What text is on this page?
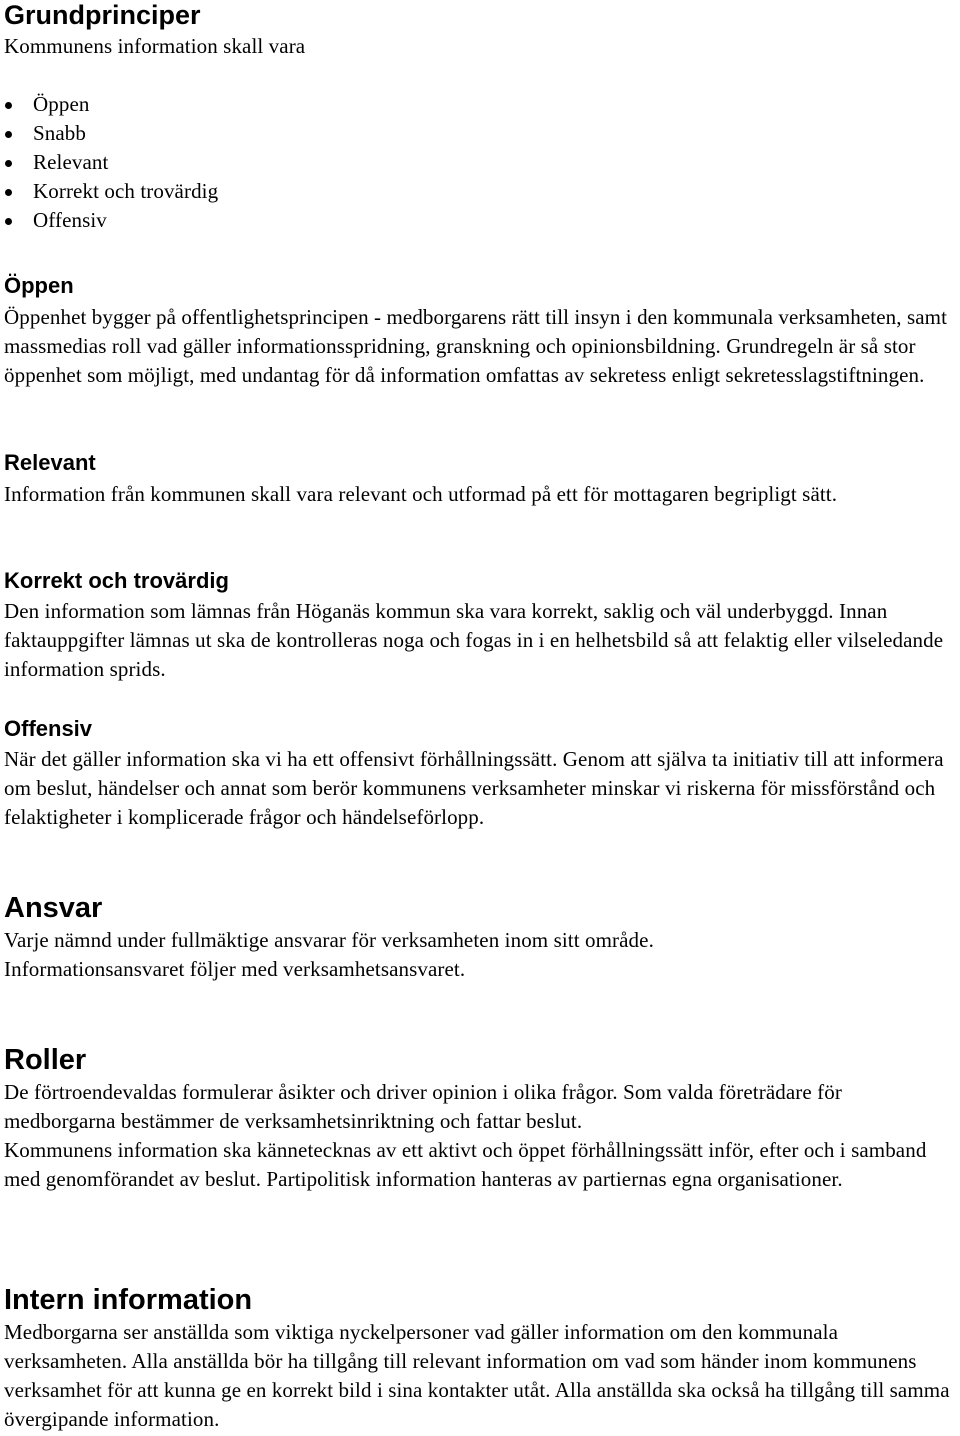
Grundprinciper

Kommunens information skall vara

Öppen
Snabb
Relevant
Korrekt och trovärdig
Offensiv
Öppen

Öppenhet bygger på offentlighetsprincipen - medborgarens rätt till insyn i den kommunala verksamheten, samt massmedias roll vad gäller informationsspridning, granskning och opinionsbildning. Grundregeln är så stor öppenhet som möjligt, med undantag för då information omfattas av sekretess enligt sekretesslagstiftningen.

Relevant

Information från kommunen skall vara relevant och utformad på ett för mottagaren begripligt sätt.

Korrekt och trovärdig

Den information som lämnas från Höganäs kommun ska vara korrekt, saklig och väl underbyggd. Innan faktauppgifter lämnas ut ska de kontrolleras noga och fogas in i en helhetsbild så att felaktig eller vilseledande information sprids.

Offensiv

När det gäller information ska vi ha ett offensivt förhållningssätt. Genom att själva ta initiativ till att informera om beslut, händelser och annat som berör kommunens verksamheter minskar vi riskerna för missförstånd och felaktigheter i komplicerade frågor och händelseförlopp.

Ansvar

Varje nämnd under fullmäktige ansvarar för verksamheten inom sitt område.

Informationsansvaret följer med verksamhetsansvaret.

Roller

De förtroendevaldas formulerar åsikter och driver opinion i olika frågor. Som valda företrädare för medborgarna bestämmer de verksamhetsinriktning och fattar beslut.

Kommunens information ska kännetecknas av ett aktivt och öppet förhållningssätt inför, efter och i samband med genomförandet av beslut. Partipolitisk information hanteras av partiernas egna organisationer.

Intern information

Medborgarna ser anställda som viktiga nyckelpersoner vad gäller information om den kommunala verksamheten. Alla anställda bör ha tillgång till relevant information om vad som händer inom kommunens verksamhet för att kunna ge en korrekt bild i sina kontakter utåt. Alla anställda ska också ha tillgång till samma övergipande information.
